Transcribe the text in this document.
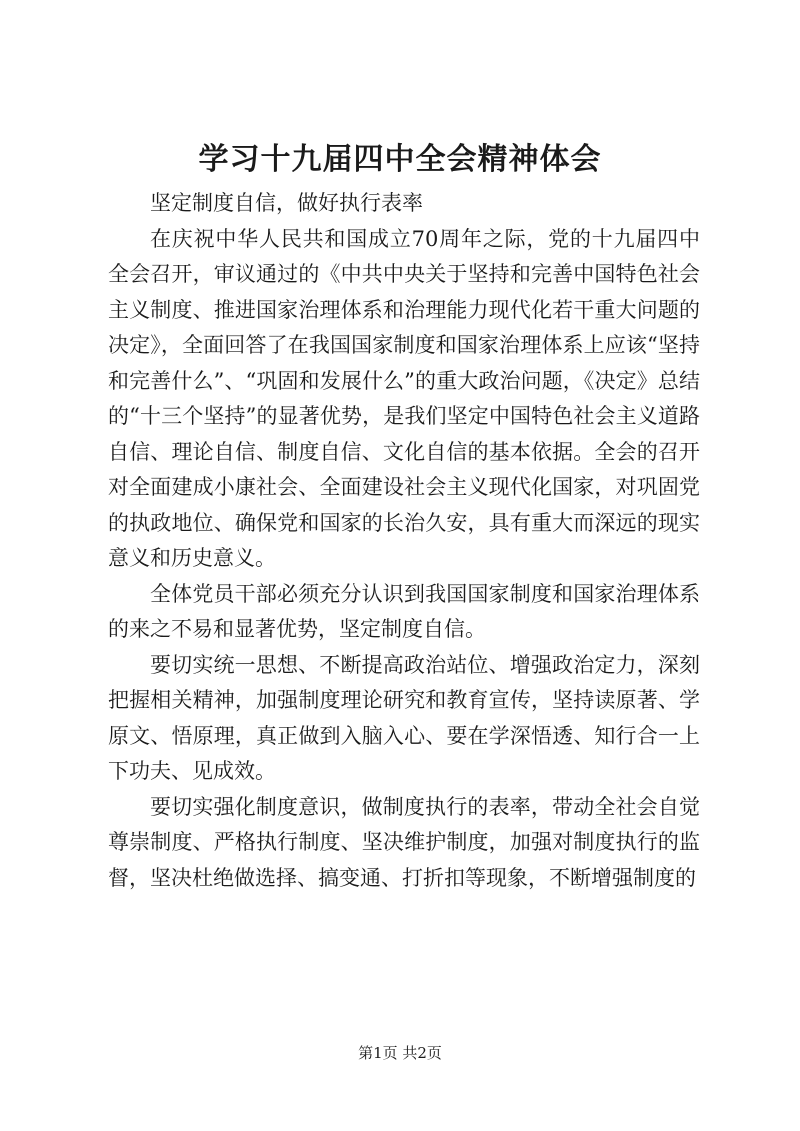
学习十九届四中全会精神体会

坚定制度自信，做好执行表率

在庆祝中华人民共和国成立70周年之际，党的十九届四中全会召开，审议通过的《中共中央关于坚持和完善中国特色社会主义制度、推进国家治理体系和治理能力现代化若干重大问题的决定》，全面回答了在我国国家制度和国家治理体系上应该“坚持和完善什么”、“巩固和发展什么”的重大政治问题，《决定》总结的“十三个坚持”的显著优势，是我们坚定中国特色社会主义道路自信、理论自信、制度自信、文化自信的基本依据。全会的召开对全面建成小康社会、全面建设社会主义现代化国家，对巩固党的执政地位、确保党和国家的长治久安，具有重大而深远的现实意义和历史意义。

全体党员干部必须充分认识到我国国家制度和国家治理体系的来之不易和显著优势，坚定制度自信。

要切实统一思想、不断提高政治站位、增强政治定力，深刻把握相关精神，加强制度理论研究和教育宣传，坚持读原著、学原文、悟原理，真正做到入脑入心、要在学深悟透、知行合一上下功夫、见成效。

要切实强化制度意识，做制度执行的表率，带动全社会自觉尊崇制度、严格执行制度、坚决维护制度，加强对制度执行的监督，坚决杜绝做选择、搞变通、打折扣等现象，不断增强制度的

第1页 共2页
